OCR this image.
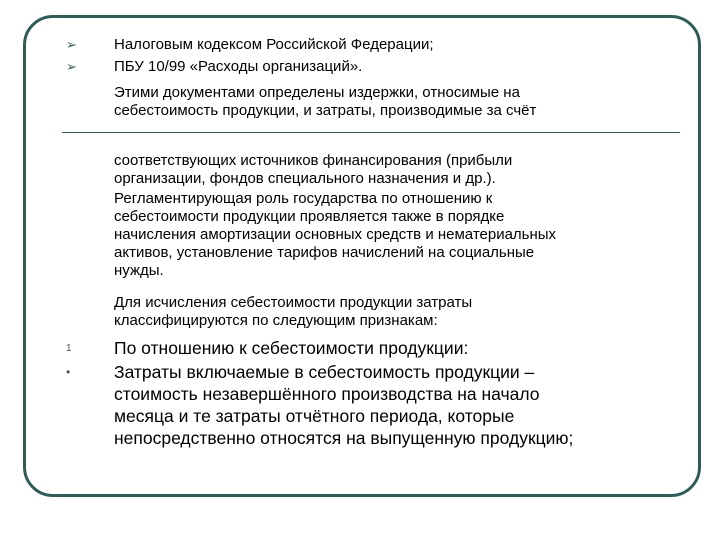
➢
➢
Налоговым кодексом Российской Федерации;
ПБУ 10/99 «Расходы организаций».
Этими документами определены издержки, относимые на
себестоимость продукции, и затраты, производимые за счёт
соответствующих источников финансирования (прибыли
организации, фондов специального назначения и др.).
Регламентирующая роль государства по отношению к
себестоимости продукции проявляется также в порядке
начисления амортизации основных средств и нематериальных
активов, установление тарифов начислений на социальные
нужды.
Для исчисления себестоимости продукции затраты
классифицируются по следующим признакам:
1
•
По отношению к себестоимости продукции:
Затраты включаемые в себестоимость продукции –
стоимость незавершённого производства на начало
месяца и те затраты отчётного периода, которые
непосредственно относятся на выпущенную продукцию;
